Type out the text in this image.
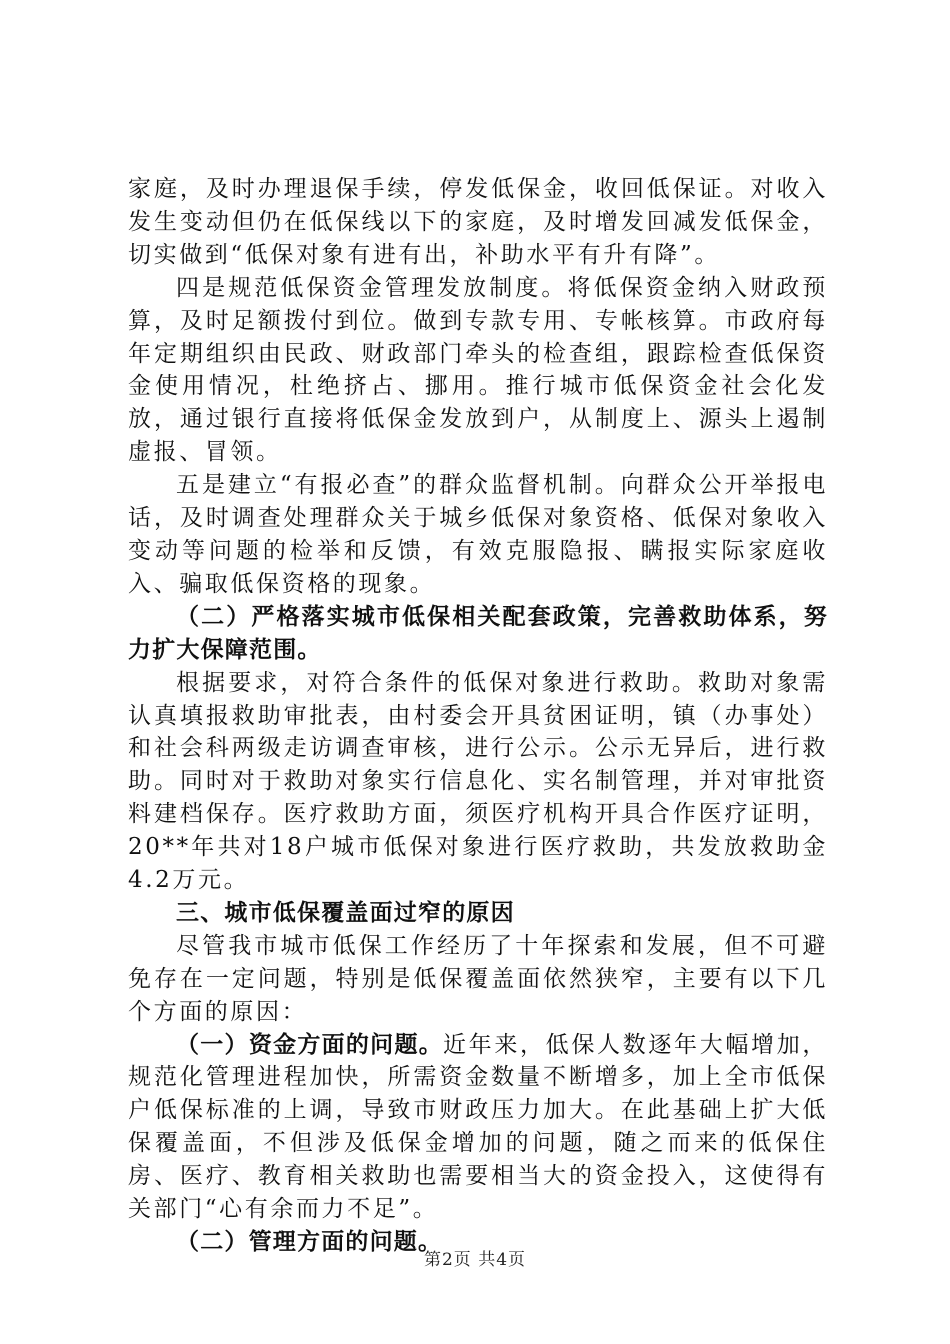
家庭，及时办理退保手续，停发低保金，收回低保证。对收入发生变动但仍在低保线以下的家庭，及时增发回减发低保金，切实做到“低保对象有进有出，补助水平有升有降”。

四是规范低保资金管理发放制度。将低保资金纳入财政预算，及时足额拨付到位。做到专款专用、专帐核算。市政府每年定期组织由民政、财政部门牵头的检查组，跟踪检查低保资金使用情况，杜绝挤占、挪用。推行城市低保资金社会化发放，通过银行直接将低保金发放到户，从制度上、源头上遏制虚报、冒领。

五是建立“有报必查”的群众监督机制。向群众公开举报电话，及时调查处理群众关于城乡低保对象资格、低保对象收入变动等问题的检举和反馈，有效克服隐报、瞒报实际家庭收入、骗取低保资格的现象。

（二）严格落实城市低保相关配套政策，完善救助体系，努力扩大保障范围。

根据要求，对符合条件的低保对象进行救助。救助对象需认真填报救助审批表，由村委会开具贫困证明，镇（办事处）和社会科两级走访调查审核，进行公示。公示无异后，进行救助。同时对于救助对象实行信息化、实名制管理，并对审批资料建档保存。医疗救助方面，须医疗机构开具合作医疗证明，20**年共对18户城市低保对象进行医疗救助，共发放救助金4.2万元。

三、城市低保覆盖面过窄的原因

尽管我市城市低保工作经历了十年探索和发展，但不可避免存在一定问题，特别是低保覆盖面依然狭窄，主要有以下几个方面的原因：

（一）资金方面的问题。近年来，低保人数逐年大幅增加，规范化管理进程加快，所需资金数量不断增多，加上全市低保户低保标准的上调，导致市财政压力加大。在此基础上扩大低保覆盖面，不但涉及低保金增加的问题，随之而来的低保住房、医疗、教育相关救助也需要相当大的资金投入，这使得有关部门“心有余而力不足”。

（二）管理方面的问题。

第2页 共4页
